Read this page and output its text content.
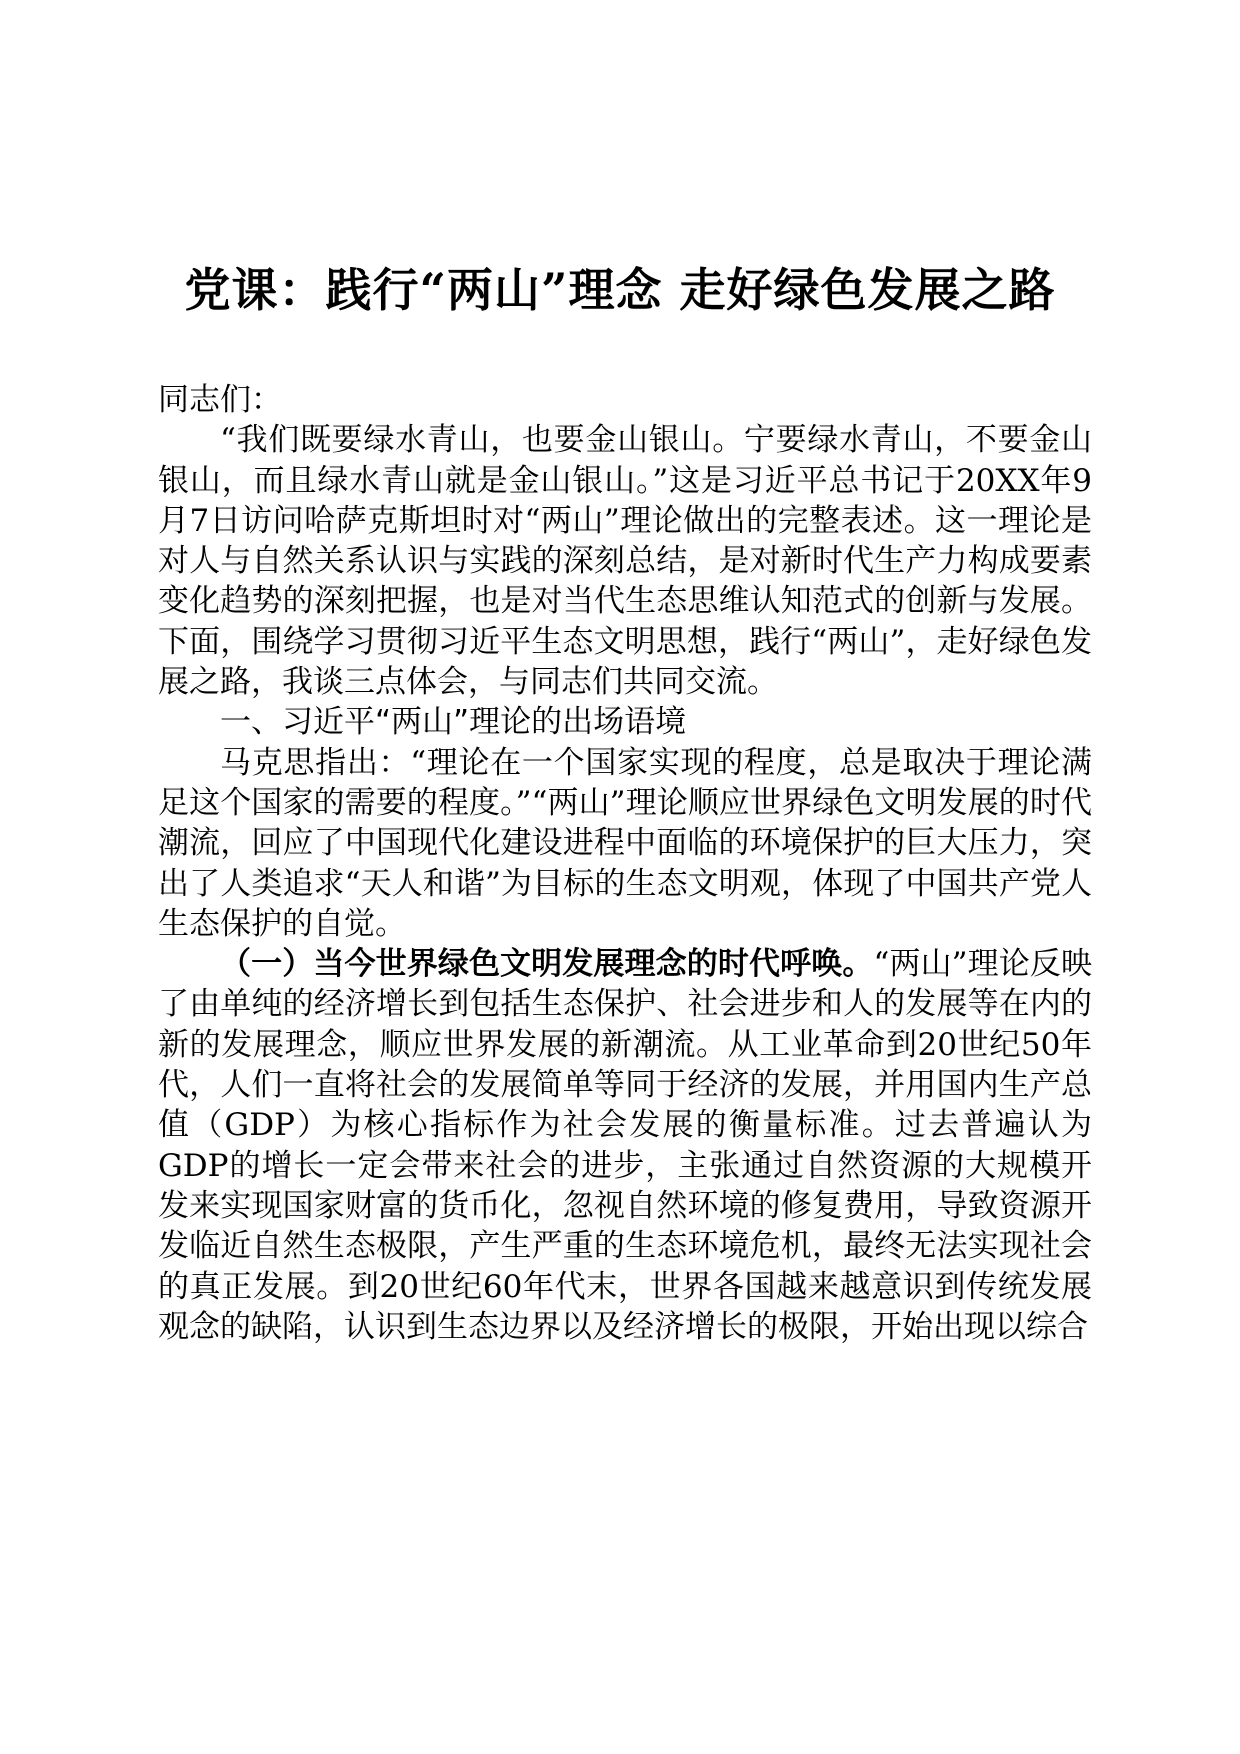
党课：践行“两山”理念 走好绿色发展之路

同志们：

“我们既要绿水青山，也要金山银山。宁要绿水青山，不要金山银山，而且绿水青山就是金山银山。”这是习近平总书记于20XX年9月7日访问哈萨克斯坦时对“两山”理论做出的完整表述。这一理论是对人与自然关系认识与实践的深刻总结，是对新时代生产力构成要素变化趋势的深刻把握，也是对当代生态思维认知范式的创新与发展。下面，围绕学习贯彻习近平生态文明思想，践行“两山”，走好绿色发展之路，我谈三点体会，与同志们共同交流。

一、习近平“两山”理论的出场语境

马克思指出：“理论在一个国家实现的程度，总是取决于理论满足这个国家的需要的程度。”“两山”理论顺应世界绿色文明发展的时代潮流，回应了中国现代化建设进程中面临的环境保护的巨大压力，突出了人类追求“天人和谐”为目标的生态文明观，体现了中国共产党人生态保护的自觉。

（一）当今世界绿色文明发展理念的时代呼唤。“两山”理论反映了由单纯的经济增长到包括生态保护、社会进步和人的发展等在内的新的发展理念，顺应世界发展的新潮流。从工业革命到20世纪50年代，人们一直将社会的发展简单等同于经济的发展，并用国内生产总值（GDP）为核心指标作为社会发展的衡量标准。过去普遍认为GDP的增长一定会带来社会的进步，主张通过自然资源的大规模开发来实现国家财富的货币化，忽视自然环境的修复费用，导致资源开发临近自然生态极限，产生严重的生态环境危机，最终无法实现社会的真正发展。到20世纪60年代末，世界各国越来越意识到传统发展观念的缺陷，认识到生态边界以及经济增长的极限，开始出现以综合
